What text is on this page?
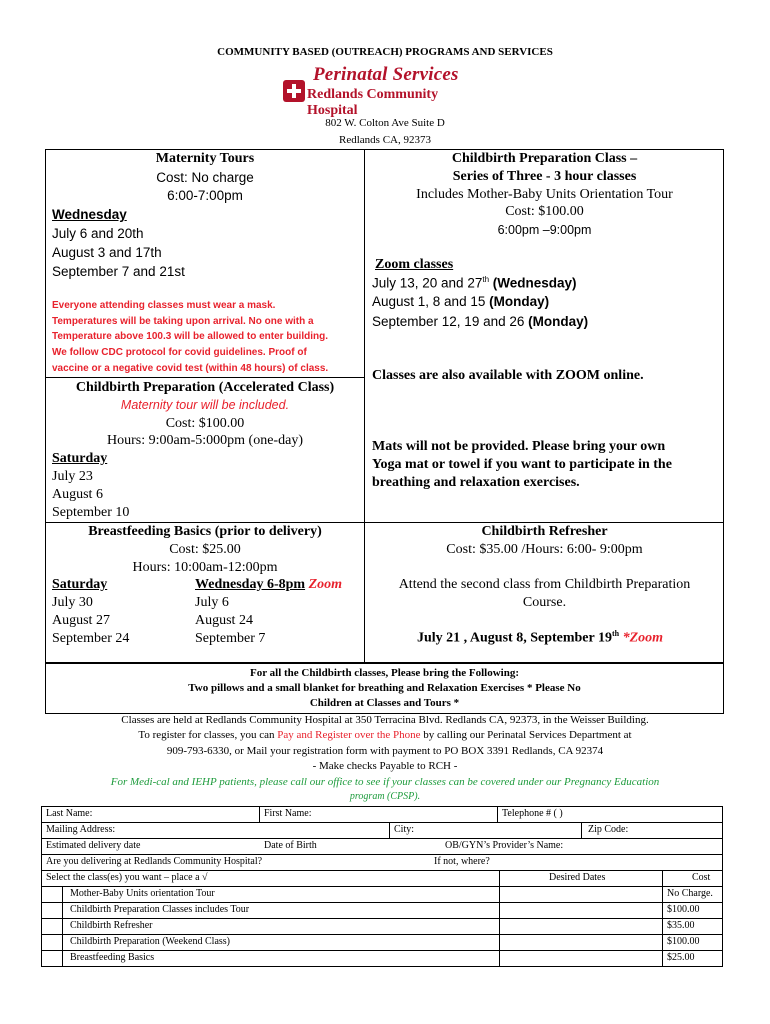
COMMUNITY BASED (OUTREACH) PROGRAMS AND SERVICES
Perinatal Services
Redlands Community Hospital
802 W. Colton Ave Suite D
Redlands CA, 92373
Maternity Tours
Cost: No charge
6:00-7:00pm
Wednesday
July 6 and 20th
August 3 and 17th
September 7 and 21st
Everyone attending classes must wear a mask.
Temperatures will be taking upon arrival. No one with a
Temperature above 100.3 will be allowed to enter building.
We follow CDC protocol for covid guidelines. Proof of
vaccine or a negative covid test (within 48 hours) of class.
Childbirth Preparation Class –
Series of Three - 3 hour classes
Includes Mother-Baby Units Orientation Tour
Cost: $100.00
6:00pm –9:00pm
Zoom classes
July 13, 20 and 27th (Wednesday)
August 1, 8 and 15 (Monday)
September 12, 19 and 26 (Monday)
Classes are also available with ZOOM online.
Mats will not be provided. Please bring your own
Yoga mat or towel if you want to participate in the
breathing and relaxation exercises.
Childbirth Preparation (Accelerated Class)
Maternity tour will be included.
Cost: $100.00
Hours: 9:00am-5:000pm (one-day)
Saturday
July 23
August 6
September 10
Breastfeeding Basics (prior to delivery)
Cost: $25.00
Hours: 10:00am-12:00pm
Saturday
July 30
August 27
September 24
Wednesday 6-8pm Zoom
July 6
August 24
September 7
Childbirth Refresher
Cost: $35.00 /Hours: 6:00- 9:00pm
Attend the second class from Childbirth Preparation
Course.
July 21 , August 8, September 19th *Zoom
For all the Childbirth classes, Please bring the Following:
Two pillows and a small blanket for breathing and Relaxation Exercises * Please No
Children at Classes and Tours *
Classes are held at Redlands Community Hospital at 350 Terracina Blvd. Redlands CA, 92373, in the Weisser Building.
To register for classes, you can Pay and Register over the Phone by calling our Perinatal Services Department at
909-793-6330, or Mail your registration form with payment to PO BOX 3391 Redlands, CA 92374
- Make checks Payable to RCH -
For Medi-cal and IEHP patients, please call our office to see if your classes can be covered under our Pregnancy Education
program (CPSP).
Last Name:	First Name:	Telephone # ( )
Mailing Address:	City:	Zip Code:
Estimated delivery date	Date of Birth	OB/GYN’s Provider’s Name:
Are you delivering at Redlands Community Hospital?	If not, where?
Select the class(es) you want – place a √	Desired Dates	Cost
Mother-Baby Units orientation Tour	No Charge.
Childbirth Preparation Classes includes Tour	$100.00
Childbirth Refresher	$35.00
Childbirth Preparation (Weekend Class)	$100.00
Breastfeeding Basics	$25.00
